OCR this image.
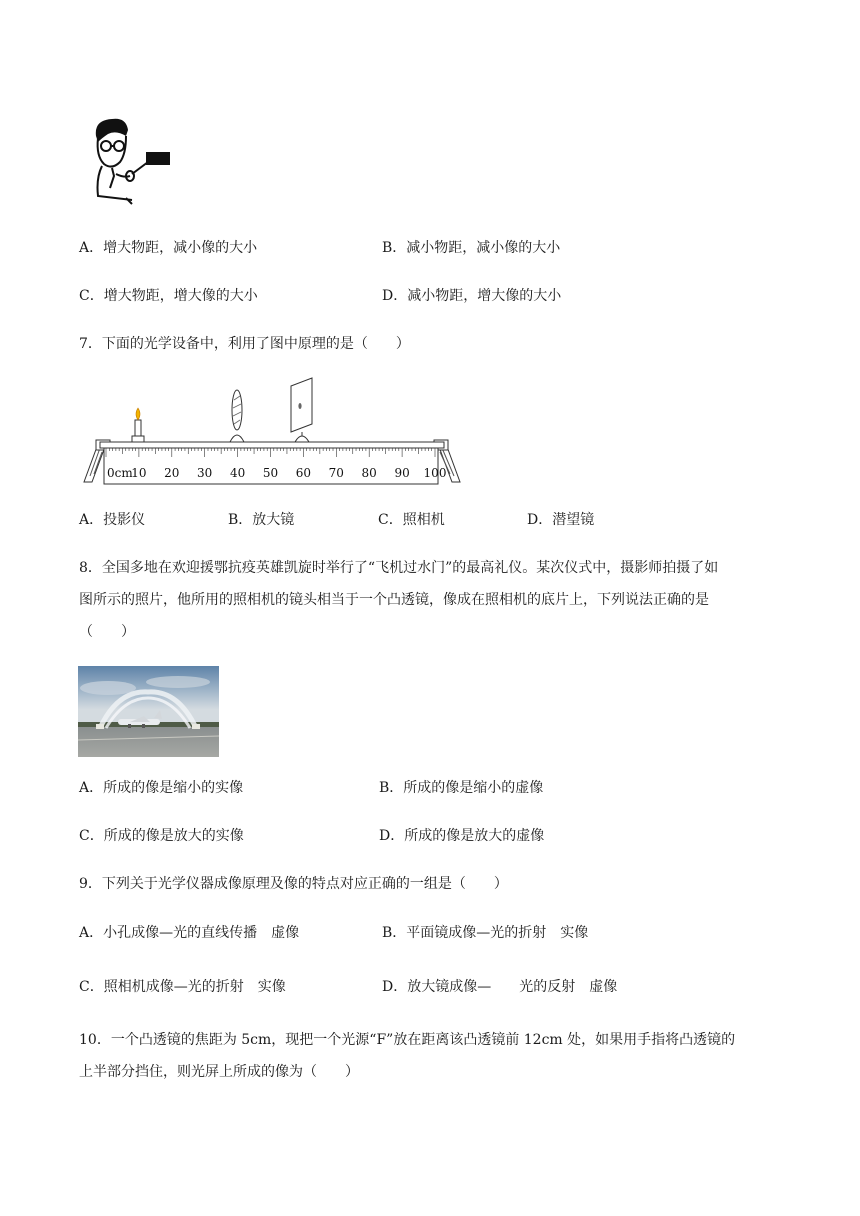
A．增大物距，减小像的大小	B．减小物距，减小像的大小
C．增大物距，增大像的大小	D．减小物距，增大像的大小
7．下面的光学设备中，利用了图中原理的是（　　）
0cm
10 20 30 40 50 60 70 80 90 100
A．投影仪	B．放大镜	C．照相机	D．潜望镜
8．全国多地在欢迎援鄂抗疫英雄凯旋时举行了“飞机过水门”的最高礼仪。某次仪式中，摄影师拍摄了如
图所示的照片，他所用的照相机的镜头相当于一个凸透镜，像成在照相机的底片上，下列说法正确的是
（　　）
A．所成的像是缩小的实像	B．所成的像是缩小的虚像
C．所成的像是放大的实像	D．所成的像是放大的虚像
9．下列关于光学仪器成像原理及像的特点对应正确的一组是（　　）
A．小孔成像—光的直线传播　虚像	B．平面镜成像—光的折射　实像
C．照相机成像—光的折射　实像	D．放大镜成像—　　光的反射　虚像
10．一个凸透镜的焦距为 5cm，现把一个光源“F”放在距离该凸透镜前 12cm 处，如果用手指将凸透镜的
上半部分挡住，则光屏上所成的像为（　　）
